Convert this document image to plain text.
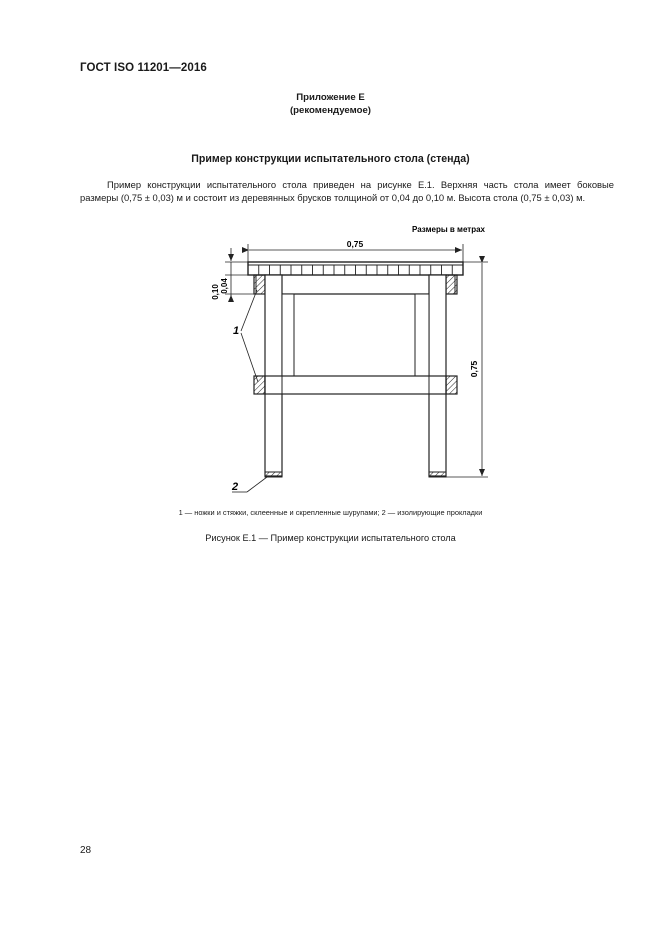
ГОСТ ISO 11201—2016
Приложение Е
(рекомендуемое)
Пример конструкции испытательного стола (стенда)
Пример конструкции испытательного стола приведен на рисунке Е.1. Верхняя часть стола имеет боковые
размеры (0,75 ± 0,03) м и состоит из деревянных брусков толщиной от 0,04 до 0,10 м. Высота стола (0,75 ± 0,03) м.
Размеры в метрах
0,75
0,75
0,10 0,04
1
2
1 — ножки и стяжки, склеенные и скрепленные шурупами; 2 — изолирующие прокладки
Рисунок Е.1 — Пример конструкции испытательного стола
28
